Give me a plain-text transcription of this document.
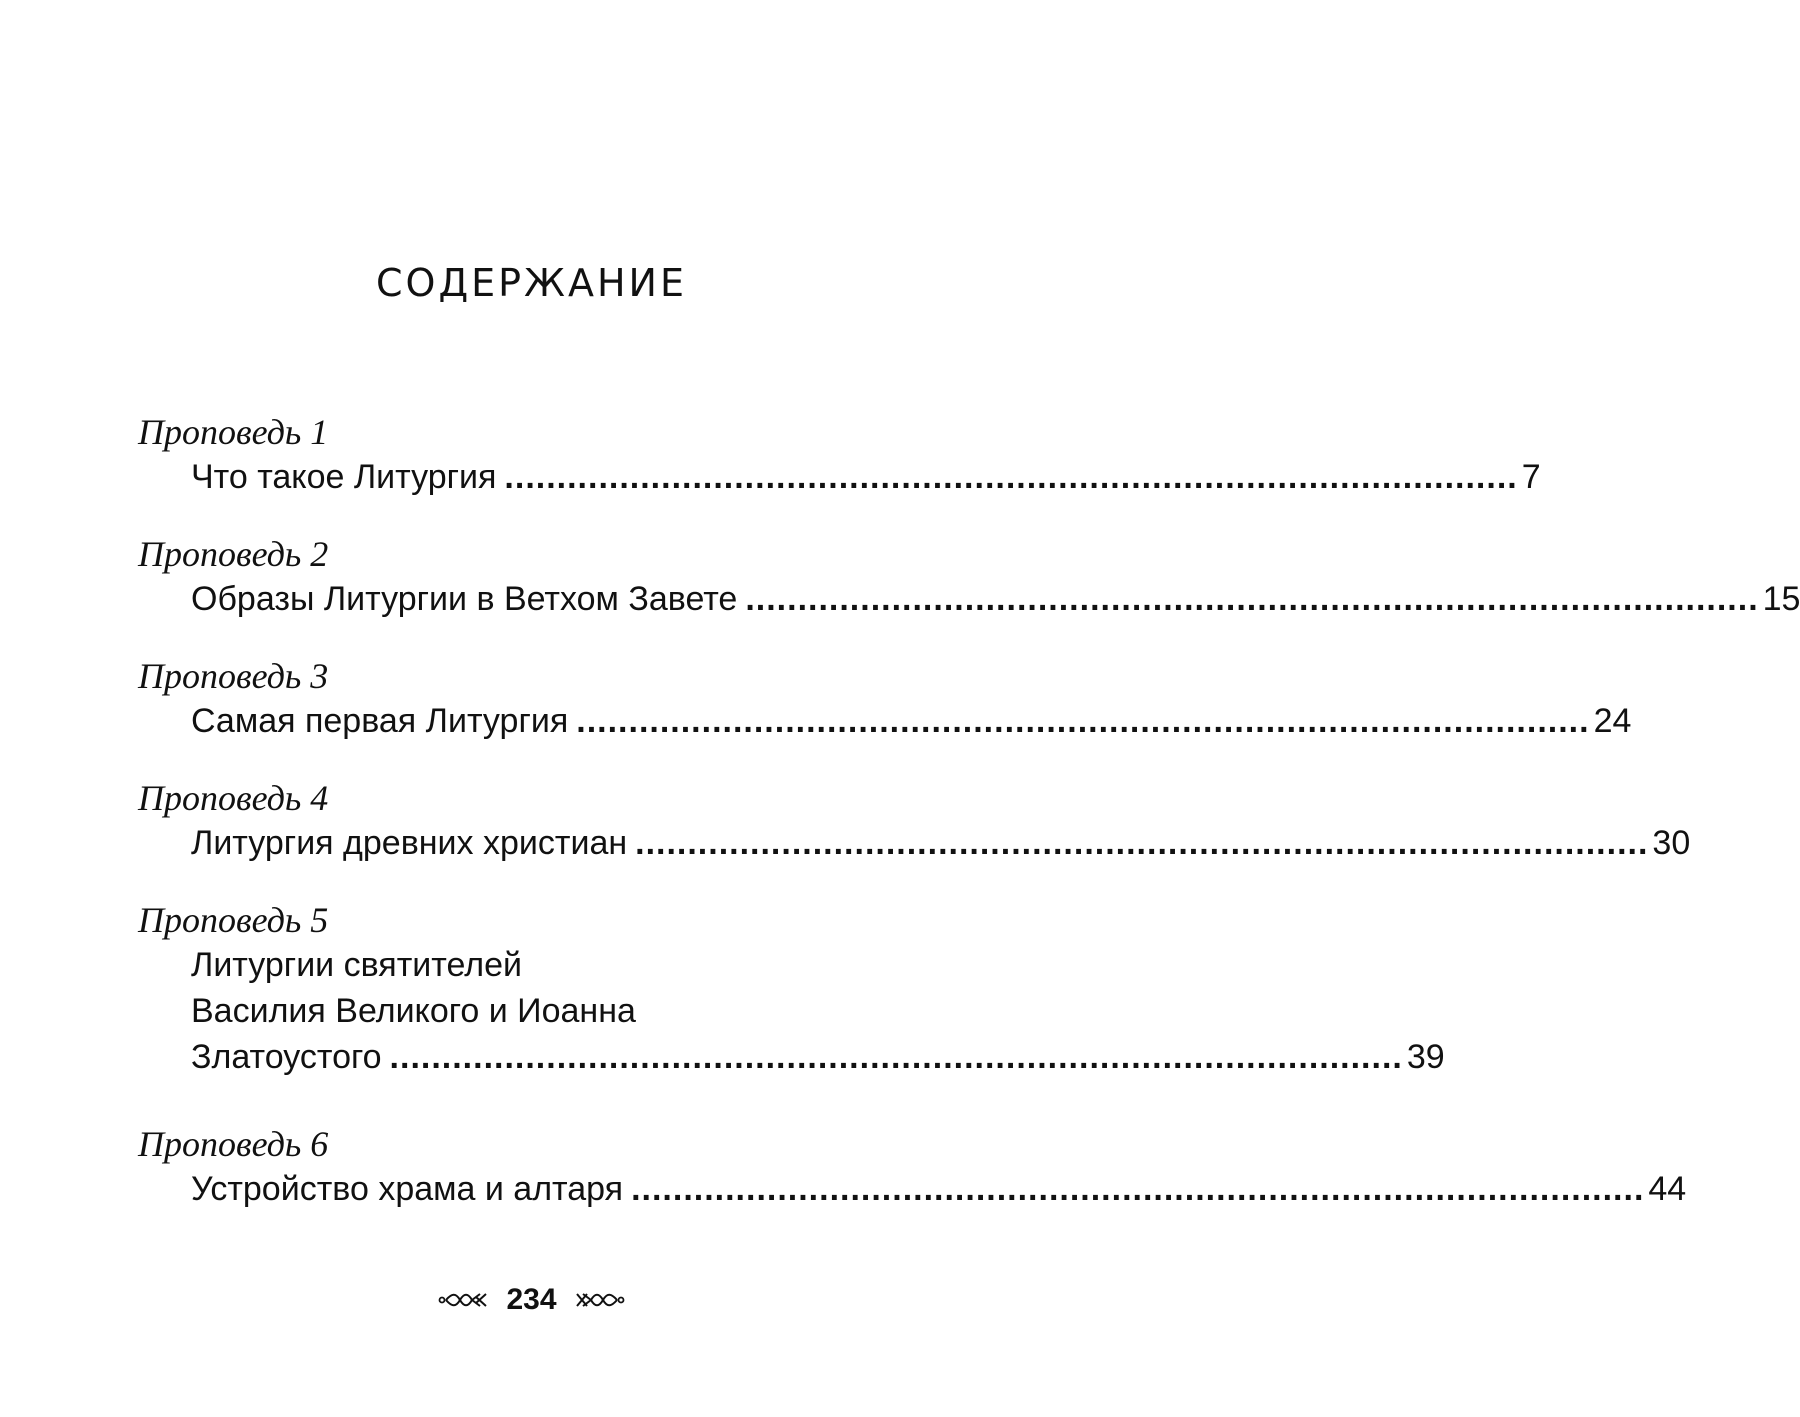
СОДЕРЖАНИЕ
Проповедь 1
Что такое Литургия ................................................................................................. 7
Проповедь 2
Образы Литургии в Ветхом Завете ................................................................................................. 15
Проповедь 3
Самая первая Литургия ................................................................................................. 24
Проповедь 4
Литургия древних христиан ................................................................................................. 30
Проповедь 5
Литургии святителей
Василия Великого и Иоанна
Златоустого ................................................................................................. 39
Проповедь 6
Устройство храма и алтаря ................................................................................................. 44
234
